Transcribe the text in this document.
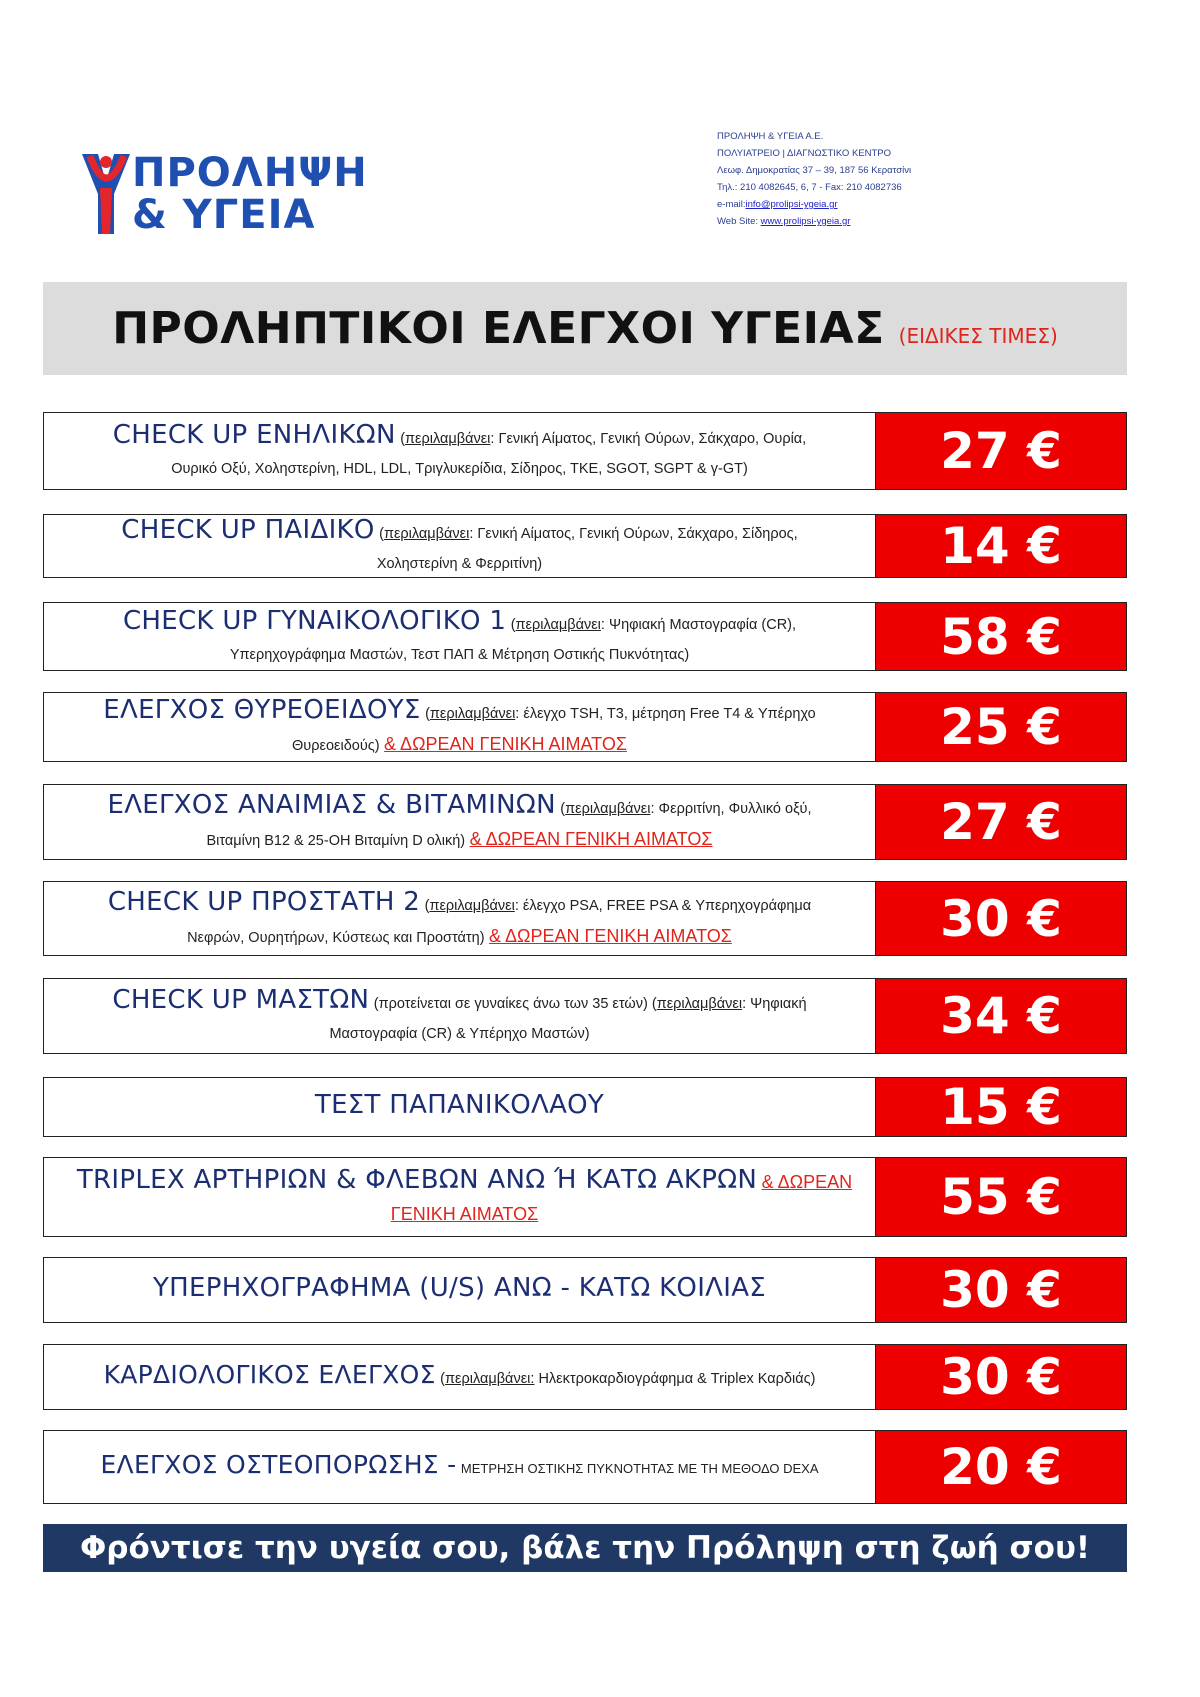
ΠΡΟΛΗΨΗ
& ΥΓΕΙΑ
ΠΡΟΛΗΨΗ & ΥΓΕΙΑ Α.Ε.
ΠΟΛΥΙΑΤΡΕΙΟ | ΔΙΑΓΝΩΣΤΙΚΟ ΚΕΝΤΡΟ
Λεωφ. Δημοκρατίας 37 – 39, 187 56 Κερατσίνι
Τηλ.: 210 4082645, 6, 7 - Fax: 210 4082736
e-mail:info@prolipsi-ygeia.gr
Web Site: www.prolipsi-ygeia.gr
ΠΡΟΛΗΠΤΙΚΟΙ ΕΛΕΓΧΟΙ ΥΓΕΙΑΣ (ΕΙΔΙΚΕΣ ΤΙΜΕΣ)
CHECK UP ΕΝΗΛΙΚΩΝ (περιλαμβάνει: Γενική Αίματος, Γενική Ούρων, Σάκχαρο, Ουρία,
Ουρικό Οξύ, Χοληστερίνη, HDL, LDL, Τριγλυκερίδια, Σίδηρος, ΤΚΕ, SGOT, SGPT & γ-GT)	27 €
CHECK UP ΠΑΙΔΙΚΟ (περιλαμβάνει: Γενική Αίματος, Γενική Ούρων, Σάκχαρο, Σίδηρος,
Χοληστερίνη & Φερριτίνη)	14 €
CHECK UP ΓΥΝΑΙΚΟΛΟΓΙΚΟ 1 (περιλαμβάνει: Ψηφιακή Μαστογραφία (CR),
Υπερηχογράφημα Μαστών, Τεστ ΠΑΠ & Μέτρηση Οστικής Πυκνότητας)	58 €
ΕΛΕΓΧΟΣ ΘΥΡΕΟΕΙΔΟΥΣ (περιλαμβάνει: έλεγχο TSH, T3, μέτρηση Free T4 & Υπέρηχο
Θυρεοειδούς) & ΔΩΡΕΑΝ ΓΕΝΙΚΗ ΑΙΜΑΤΟΣ	25 €
ΕΛΕΓΧΟΣ ΑΝΑΙΜΙΑΣ & ΒΙΤΑΜΙΝΩΝ (περιλαμβάνει: Φερριτίνη, Φυλλικό οξύ,
Βιταμίνη Β12 & 25-ΟΗ Βιταμίνη D ολική) & ΔΩΡΕΑΝ ΓΕΝΙΚΗ ΑΙΜΑΤΟΣ	27 €
CHECK UP ΠΡΟΣΤΑΤΗ 2 (περιλαμβάνει: έλεγχο PSA, FREE PSA & Υπερηχογράφημα
Νεφρών, Ουρητήρων, Κύστεως και Προστάτη) & ΔΩΡΕΑΝ ΓΕΝΙΚΗ ΑΙΜΑΤΟΣ	30 €
CHECK UP ΜΑΣΤΩΝ (προτείνεται σε γυναίκες άνω των 35 ετών) (περιλαμβάνει: Ψηφιακή
Μαστογραφία (CR) & Υπέρηχο Μαστών)	34 €
ΤΕΣΤ ΠΑΠΑΝΙΚΟΛΑΟΥ	15 €
TRIPLEX ΑΡΤΗΡΙΩΝ & ΦΛΕΒΩΝ ΑΝΩ Ή ΚΑΤΩ ΑΚΡΩΝ & ΔΩΡΕΑΝ
ΓΕΝΙΚΗ ΑΙΜΑΤΟΣ	55 €
ΥΠΕΡΗΧΟΓΡΑΦΗΜΑ (U/S) ΑΝΩ - ΚΑΤΩ ΚΟΙΛΙΑΣ	30 €
ΚΑΡΔΙΟΛΟΓΙΚΟΣ ΕΛΕΓΧΟΣ (περιλαμβάνει: Ηλεκτροκαρδιογράφημα & Triplex Καρδιάς)	30 €
ΕΛΕΓΧΟΣ ΟΣΤΕΟΠΟΡΩΣΗΣ - ΜΕΤΡΗΣΗ ΟΣΤΙΚΗΣ ΠΥΚΝΟΤΗΤΑΣ ΜΕ ΤΗ ΜΕΘΟΔΟ DEXA	20 €
Φρόντισε την υγεία σου, βάλε την Πρόληψη στη ζωή σου!
